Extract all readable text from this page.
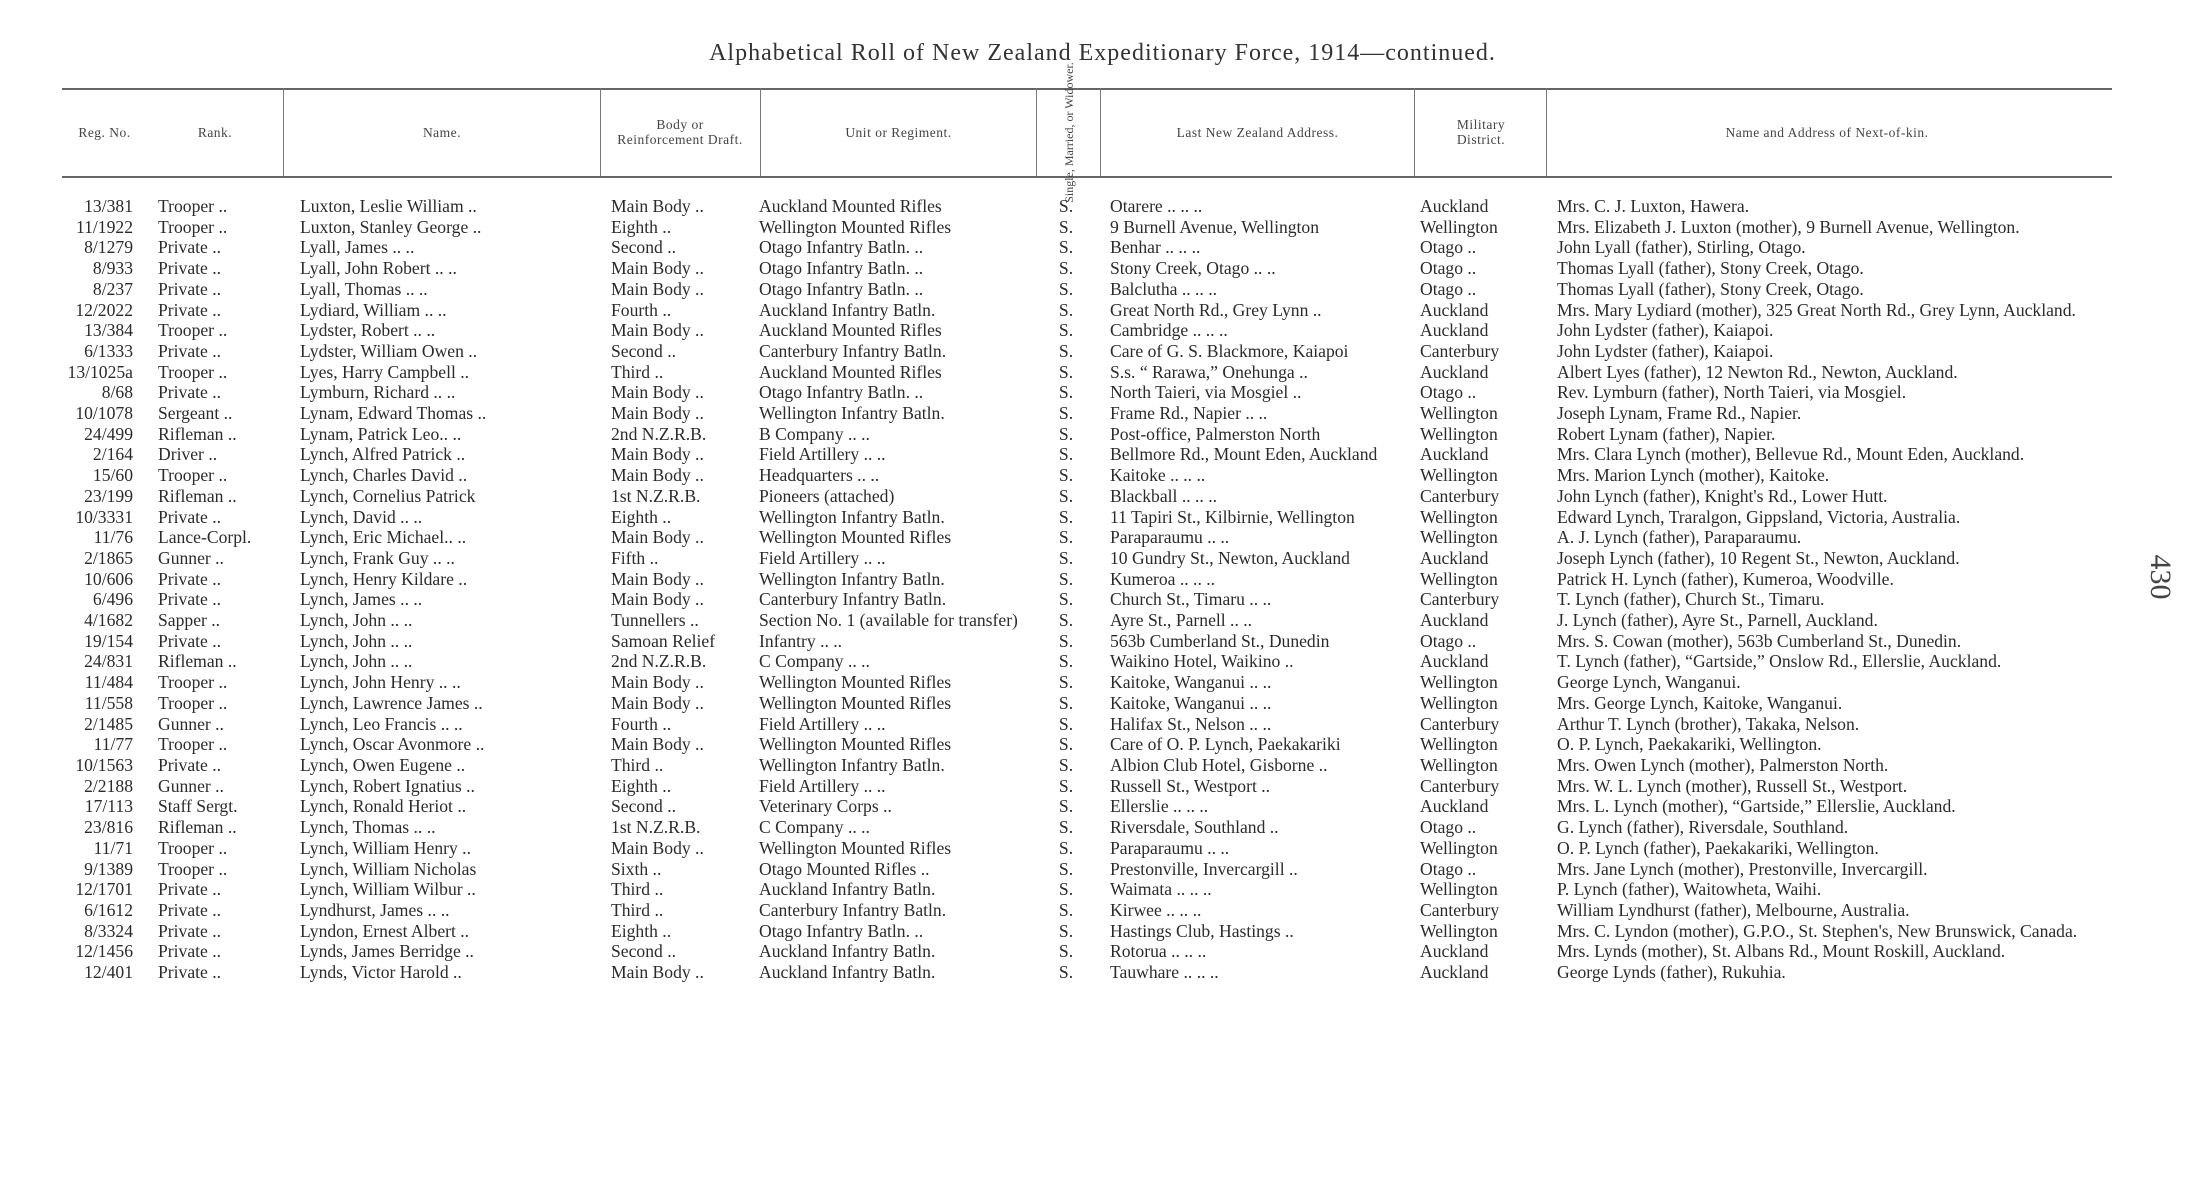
Alphabetical Roll of New Zealand Expeditionary Force, 1914—continued.
430
Reg. No.	Rank.	Name.	Body or Reinforcement Draft.	Unit or Regiment.	Single, Married, or Widower.	Last New Zealand Address.	Military District.	Name and Address of Next-of-kin.
13/381	Trooper ..	Luxton, Leslie William ..	Main Body ..	Auckland Mounted Rifles	S.	Otarere .. .. ..	Auckland	Mrs. C. J. Luxton, Hawera.
11/1922	Trooper ..	Luxton, Stanley George ..	Eighth ..	Wellington Mounted Rifles	S.	9 Burnell Avenue, Wellington	Wellington	Mrs. Elizabeth J. Luxton (mother), 9 Burnell Avenue, Wellington.
8/1279	Private ..	Lyall, James .. ..	Second ..	Otago Infantry Batln. ..	S.	Benhar .. .. ..	Otago ..	John Lyall (father), Stirling, Otago.
8/933	Private ..	Lyall, John Robert .. ..	Main Body ..	Otago Infantry Batln. ..	S.	Stony Creek, Otago .. ..	Otago ..	Thomas Lyall (father), Stony Creek, Otago.
8/237	Private ..	Lyall, Thomas .. ..	Main Body ..	Otago Infantry Batln. ..	S.	Balclutha .. .. ..	Otago ..	Thomas Lyall (father), Stony Creek, Otago.
12/2022	Private ..	Lydiard, William .. ..	Fourth ..	Auckland Infantry Batln.	S.	Great North Rd., Grey Lynn ..	Auckland	Mrs. Mary Lydiard (mother), 325 Great North Rd., Grey Lynn, Auckland.
13/384	Trooper ..	Lydster, Robert .. ..	Main Body ..	Auckland Mounted Rifles	S.	Cambridge .. .. ..	Auckland	John Lydster (father), Kaiapoi.
6/1333	Private ..	Lydster, William Owen ..	Second ..	Canterbury Infantry Batln.	S.	Care of G. S. Blackmore, Kaiapoi	Canterbury	John Lydster (father), Kaiapoi.
13/1025a	Trooper ..	Lyes, Harry Campbell ..	Third ..	Auckland Mounted Rifles	S.	S.s. “ Rarawa,” Onehunga ..	Auckland	Albert Lyes (father), 12 Newton Rd., Newton, Auckland.
8/68	Private ..	Lymburn, Richard .. ..	Main Body ..	Otago Infantry Batln. ..	S.	North Taieri, via Mosgiel ..	Otago ..	Rev. Lymburn (father), North Taieri, via Mosgiel.
10/1078	Sergeant ..	Lynam, Edward Thomas ..	Main Body ..	Wellington Infantry Batln.	S.	Frame Rd., Napier .. ..	Wellington	Joseph Lynam, Frame Rd., Napier.
24/499	Rifleman ..	Lynam, Patrick Leo.. ..	2nd N.Z.R.B.	B Company .. ..	S.	Post-office, Palmerston North	Wellington	Robert Lynam (father), Napier.
2/164	Driver ..	Lynch, Alfred Patrick ..	Main Body ..	Field Artillery .. ..	S.	Bellmore Rd., Mount Eden, Auckland	Auckland	Mrs. Clara Lynch (mother), Bellevue Rd., Mount Eden, Auckland.
15/60	Trooper ..	Lynch, Charles David ..	Main Body ..	Headquarters .. ..	S.	Kaitoke .. .. ..	Wellington	Mrs. Marion Lynch (mother), Kaitoke.
23/199	Rifleman ..	Lynch, Cornelius Patrick	1st N.Z.R.B.	Pioneers (attached)	S.	Blackball .. .. ..	Canterbury	John Lynch (father), Knight's Rd., Lower Hutt.
10/3331	Private ..	Lynch, David .. ..	Eighth ..	Wellington Infantry Batln.	S.	11 Tapiri St., Kilbirnie, Wellington	Wellington	Edward Lynch, Traralgon, Gippsland, Victoria, Australia.
11/76	Lance-Corpl.	Lynch, Eric Michael.. ..	Main Body ..	Wellington Mounted Rifles	S.	Paraparaumu .. ..	Wellington	A. J. Lynch (father), Paraparaumu.
2/1865	Gunner ..	Lynch, Frank Guy .. ..	Fifth ..	Field Artillery .. ..	S.	10 Gundry St., Newton, Auckland	Auckland	Joseph Lynch (father), 10 Regent St., Newton, Auckland.
10/606	Private ..	Lynch, Henry Kildare ..	Main Body ..	Wellington Infantry Batln.	S.	Kumeroa .. .. ..	Wellington	Patrick H. Lynch (father), Kumeroa, Woodville.
6/496	Private ..	Lynch, James .. ..	Main Body ..	Canterbury Infantry Batln.	S.	Church St., Timaru .. ..	Canterbury	T. Lynch (father), Church St., Timaru.
4/1682	Sapper ..	Lynch, John .. ..	Tunnellers ..	Section No. 1 (available for transfer)	S.	Ayre St., Parnell .. ..	Auckland	J. Lynch (father), Ayre St., Parnell, Auckland.
19/154	Private ..	Lynch, John .. ..	Samoan Relief	Infantry .. ..	S.	563b Cumberland St., Dunedin	Otago ..	Mrs. S. Cowan (mother), 563b Cumberland St., Dunedin.
24/831	Rifleman ..	Lynch, John .. ..	2nd N.Z.R.B.	C Company .. ..	S.	Waikino Hotel, Waikino ..	Auckland	T. Lynch (father), “Gartside,” Onslow Rd., Ellerslie, Auckland.
11/484	Trooper ..	Lynch, John Henry .. ..	Main Body ..	Wellington Mounted Rifles	S.	Kaitoke, Wanganui .. ..	Wellington	George Lynch, Wanganui.
11/558	Trooper ..	Lynch, Lawrence James ..	Main Body ..	Wellington Mounted Rifles	S.	Kaitoke, Wanganui .. ..	Wellington	Mrs. George Lynch, Kaitoke, Wanganui.
2/1485	Gunner ..	Lynch, Leo Francis .. ..	Fourth ..	Field Artillery .. ..	S.	Halifax St., Nelson .. ..	Canterbury	Arthur T. Lynch (brother), Takaka, Nelson.
11/77	Trooper ..	Lynch, Oscar Avonmore ..	Main Body ..	Wellington Mounted Rifles	S.	Care of O. P. Lynch, Paekakariki	Wellington	O. P. Lynch, Paekakariki, Wellington.
10/1563	Private ..	Lynch, Owen Eugene ..	Third ..	Wellington Infantry Batln.	S.	Albion Club Hotel, Gisborne ..	Wellington	Mrs. Owen Lynch (mother), Palmerston North.
2/2188	Gunner ..	Lynch, Robert Ignatius ..	Eighth ..	Field Artillery .. ..	S.	Russell St., Westport ..	Canterbury	Mrs. W. L. Lynch (mother), Russell St., Westport.
17/113	Staff Sergt.	Lynch, Ronald Heriot ..	Second ..	Veterinary Corps ..	S.	Ellerslie .. .. ..	Auckland	Mrs. L. Lynch (mother), “Gartside,” Ellerslie, Auckland.
23/816	Rifleman ..	Lynch, Thomas .. ..	1st N.Z.R.B.	C Company .. ..	S.	Riversdale, Southland ..	Otago ..	G. Lynch (father), Riversdale, Southland.
11/71	Trooper ..	Lynch, William Henry ..	Main Body ..	Wellington Mounted Rifles	S.	Paraparaumu .. ..	Wellington	O. P. Lynch (father), Paekakariki, Wellington.
9/1389	Trooper ..	Lynch, William Nicholas	Sixth ..	Otago Mounted Rifles ..	S.	Prestonville, Invercargill ..	Otago ..	Mrs. Jane Lynch (mother), Prestonville, Invercargill.
12/1701	Private ..	Lynch, William Wilbur ..	Third ..	Auckland Infantry Batln.	S.	Waimata .. .. ..	Wellington	P. Lynch (father), Waitowheta, Waihi.
6/1612	Private ..	Lyndhurst, James .. ..	Third ..	Canterbury Infantry Batln.	S.	Kirwee .. .. ..	Canterbury	William Lyndhurst (father), Melbourne, Australia.
8/3324	Private ..	Lyndon, Ernest Albert ..	Eighth ..	Otago Infantry Batln. ..	S.	Hastings Club, Hastings ..	Wellington	Mrs. C. Lyndon (mother), G.P.O., St. Stephen's, New Brunswick, Canada.
12/1456	Private ..	Lynds, James Berridge ..	Second ..	Auckland Infantry Batln.	S.	Rotorua .. .. ..	Auckland	Mrs. Lynds (mother), St. Albans Rd., Mount Roskill, Auckland.
12/401	Private ..	Lynds, Victor Harold ..	Main Body ..	Auckland Infantry Batln.	S.	Tauwhare .. .. ..	Auckland	George Lynds (father), Rukuhia.
